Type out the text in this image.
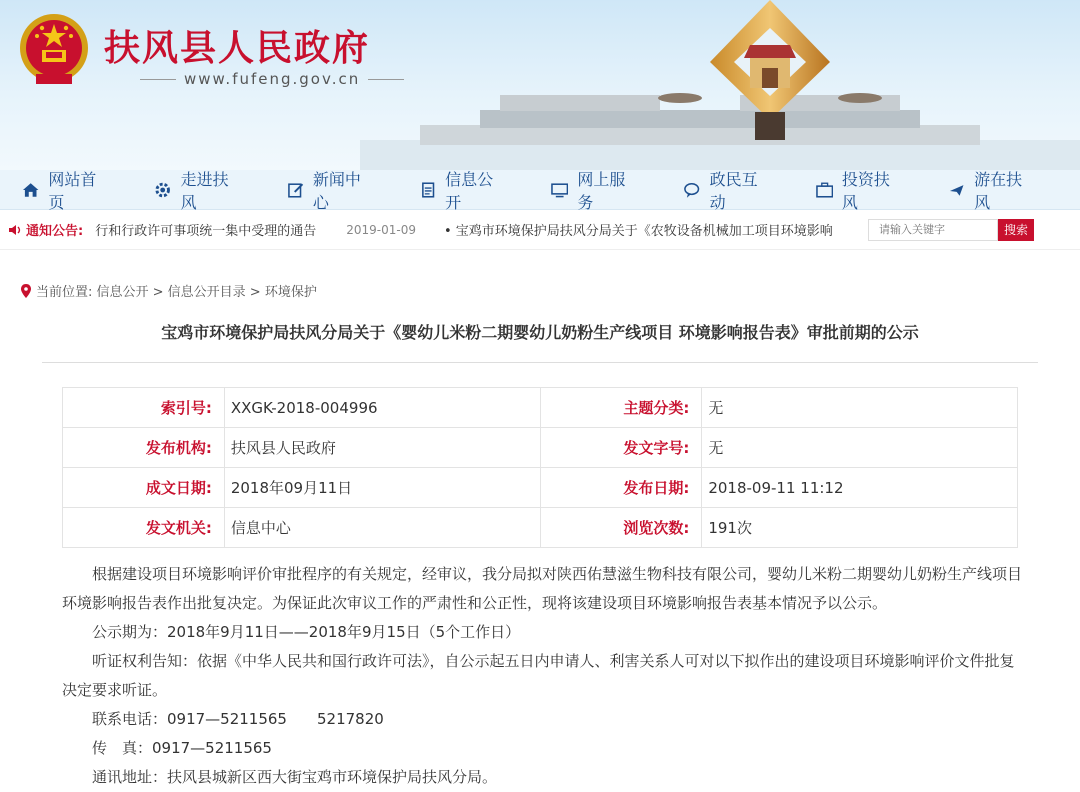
扶风县人民政府
www.fufeng.gov.cn
网站首页
走进扶风
新闻中心
信息公开
网上服务
政民互动
投资扶风
游在扶风
通知公告: 行和行政许可事项统一集中受理的通告	2019-01-09 • 宝鸡市环境保护局扶风分局关于《农牧设备机械加工项目环境影响
请输入关键字	搜索
当前位置: 信息公开 > 信息公开目录 > 环境保护
宝鸡市环境保护局扶风分局关于《婴幼儿米粉二期婴幼儿奶粉生产线项目 环境影响报告表》审批前期的公示
索引号:	XXGK-2018-004996	主题分类:	无
发布机构:	扶风县人民政府	发文字号:	无
成文日期:	2018年09月11日	发布日期:	2018-09-11 11:12
发文机关:	信息中心	浏览次数:	191次

根据建设项目环境影响评价审批程序的有关规定，经审议，我分局拟对陕西佑慧滋生物科技有限公司，婴幼儿米粉二期婴幼儿奶粉生产线项目环境影响报告表作出批复决定。为保证此次审议工作的严肃性和公正性，现将该建设项目环境影响报告表基本情况予以公示。

公示期为：2018年9月11日——2018年9月15日（5个工作日）

听证权利告知：依据《中华人民共和国行政许可法》，自公示起五日内申请人、利害关系人可对以下拟作出的建设项目环境影响评价文件批复决定要求听证。

联系电话：0917—5211565　　5217820

传　真：0917—5211565

通讯地址：扶风县城新区西大街宝鸡市环境保护局扶风分局。
